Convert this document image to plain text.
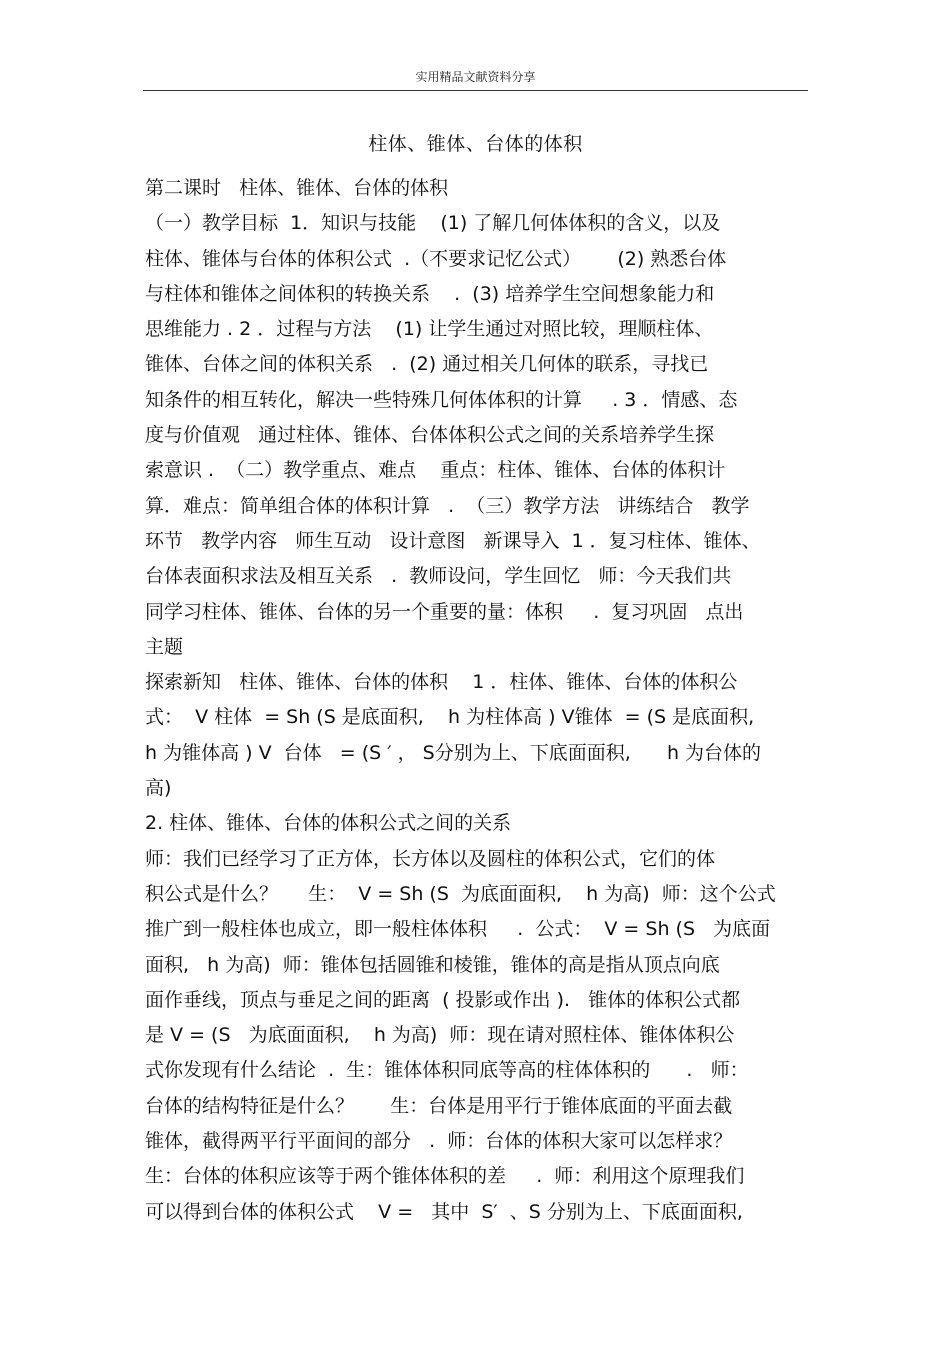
实用精品文献资料分享
柱体、锥体、台体的体积
第二课时   柱体、锥体、台体的体积
（一）教学目标  1．知识与技能    (1) 了解几何体体积的含义，以及
柱体、锥体与台体的体积公式  .（不要求记忆公式）      (2) 熟悉台体
与柱体和锥体之间体积的转换关系    .  (3) 培养学生空间想象能力和
思维能力 . 2 ．过程与方法    (1) 让学生通过对照比较，理顺柱体、
锥体、台体之间的体积关系   .  (2) 通过相关几何体的联系，寻找已
知条件的相互转化，解决一些特殊几何体体积的计算     . 3 ．情感、态
度与价值观   通过柱体、锥体、台体体积公式之间的关系培养学生探
索意识 .  （二）教学重点、难点    重点：柱体、锥体、台体的体积计
算．难点：简单组合体的体积计算   .  （三）教学方法   讲练结合   教学
环节   教学内容   师生互动   设计意图   新课导入  1 ．复习柱体、锥体、
台体表面积求法及相互关系   .  教师设问，学生回忆   师：今天我们共
同学习柱体、锥体、台体的另一个重要的量：体积     .  复习巩固   点出
主题
探索新知   柱体、锥体、台体的体积    1 ．柱体、锥体、台体的体积公
式：  V 柱体  = Sh (S 是底面积,    h 为柱体高 ) V锥体  = (S 是底面积,
h 为锥体高 ) V  台体   = (S ′ ， S分别为上、下底面面积,      h 为台体的
高)
2. 柱体、锥体、台体的体积公式之间的关系
师：我们已经学习了正方体，长方体以及圆柱的体积公式，它们的体
积公式是什么？     生：  V = Sh (S  为底面面积,    h 为高)  师：这个公式
推广到一般柱体也成立，即一般柱体体积     .  公式：  V = Sh (S   为底面
面积,   h 为高)  师：锥体包括圆锥和棱锥，锥体的高是指从顶点向底
面作垂线，顶点与垂足之间的距离  ( 投影或作出 ).   锥体的体积公式都
是 V = (S   为底面面积,    h 为高)  师：现在请对照柱体、锥体体积公
式你发现有什么结论  .  生：锥体体积同底等高的柱体体积的      .   师：
台体的结构特征是什么？      生：台体是用平行于锥体底面的平面去截
锥体，截得两平行平面间的部分   .  师：台体的体积大家可以怎样求？
生：台体的体积应该等于两个锥体体积的差     .  师：利用这个原理我们
可以得到台体的体积公式    V =   其中  S′  、S 分别为上、下底面面积,
